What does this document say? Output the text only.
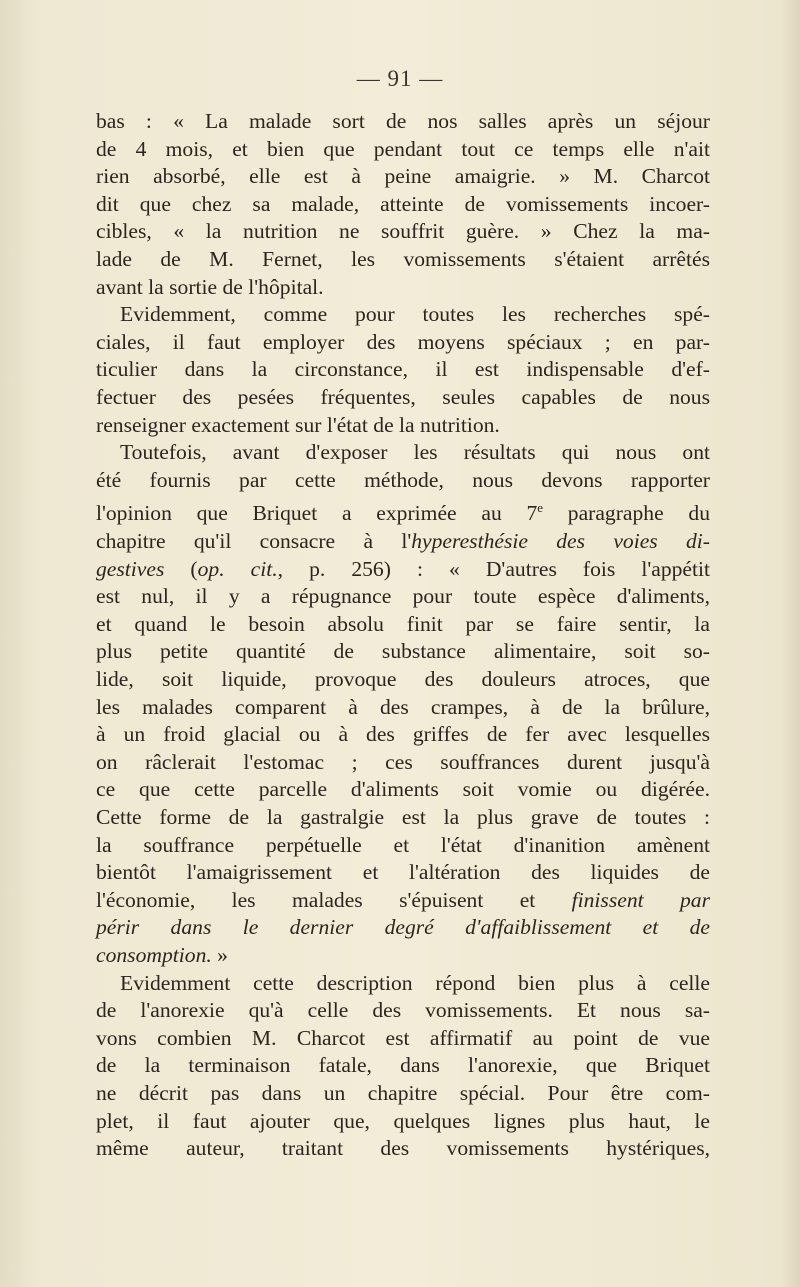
— 91 —

bas : « La malade sort de nos salles après un séjour
de 4 mois, et bien que pendant tout ce temps elle n'ait
rien absorbé, elle est à peine amaigrie. » M. Charcot
dit que chez sa malade, atteinte de vomissements incoer-
cibles, « la nutrition ne souffrit guère. » Chez la ma-
lade de M. Fernet, les vomissements s'étaient arrêtés
avant la sortie de l'hôpital.

Evidemment, comme pour toutes les recherches spé-
ciales, il faut employer des moyens spéciaux ; en par-
ticulier dans la circonstance, il est indispensable d'ef-
fectuer des pesées fréquentes, seules capables de nous
renseigner exactement sur l'état de la nutrition.

Toutefois, avant d'exposer les résultats qui nous ont
été fournis par cette méthode, nous devons rapporter
l'opinion que Briquet a exprimée au 7e paragraphe du
chapitre qu'il consacre à l'hyperesthésie des voies di-
gestives (op. cit., p. 256) : « D'autres fois l'appétit
est nul, il y a répugnance pour toute espèce d'aliments,
et quand le besoin absolu finit par se faire sentir, la
plus petite quantité de substance alimentaire, soit so-
lide, soit liquide, provoque des douleurs atroces, que
les malades comparent à des crampes, à de la brûlure,
à un froid glacial ou à des griffes de fer avec lesquelles
on râclerait l'estomac ; ces souffrances durent jusqu'à
ce que cette parcelle d'aliments soit vomie ou digérée.
Cette forme de la gastralgie est la plus grave de toutes :
la souffrance perpétuelle et l'état d'inanition amènent
bientôt l'amaigrissement et l'altération des liquides de
l'économie, les malades s'épuisent et finissent par
périr dans le dernier degré d'affaiblissement et de
consomption. »

Evidemment cette description répond bien plus à celle
de l'anorexie qu'à celle des vomissements. Et nous sa-
vons combien M. Charcot est affirmatif au point de vue
de la terminaison fatale, dans l'anorexie, que Briquet
ne décrit pas dans un chapitre spécial. Pour être com-
plet, il faut ajouter que, quelques lignes plus haut, le
même auteur, traitant des vomissements hystériques,
